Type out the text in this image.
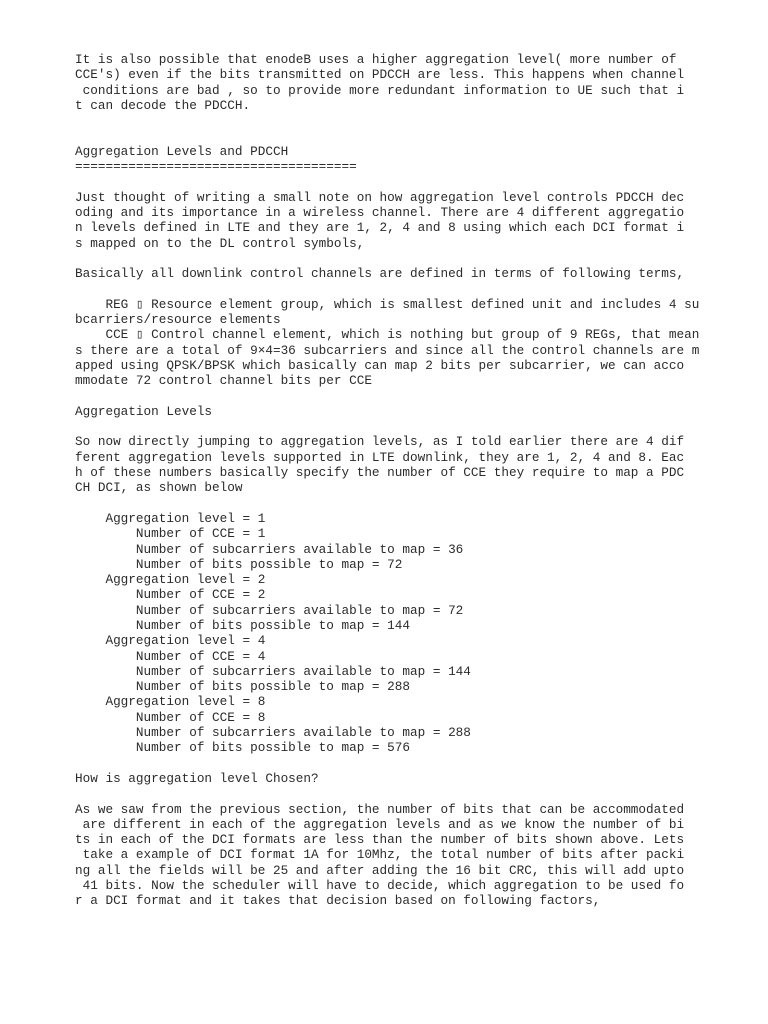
It is also possible that enodeB uses a higher aggregation level( more number of
CCE's) even if the bits transmitted on PDCCH are less. This happens when channel
conditions are bad , so to provide more redundant information to UE such that i
t can decode the PDCCH.
Aggregation Levels and PDCCH
=====================================
Just thought of writing a small note on how aggregation level controls PDCCH dec
oding and its importance in a wireless channel. There are 4 different aggregatio
n levels defined in LTE and they are 1, 2, 4 and 8 using which each DCI format i
s mapped on to the DL control symbols,
Basically all downlink control channels are defined in terms of following terms,
REG ▯ Resource element group, which is smallest defined unit and includes 4 su
bcarriers/resource elements
CCE ▯ Control channel element, which is nothing but group of 9 REGs, that mean
s there are a total of 9×4=36 subcarriers and since all the control channels are m
apped using QPSK/BPSK which basically can map 2 bits per subcarrier, we can acco
mmodate 72 control channel bits per CCE
Aggregation Levels
So now directly jumping to aggregation levels, as I told earlier there are 4 dif
ferent aggregation levels supported in LTE downlink, they are 1, 2, 4 and 8. Eac
h of these numbers basically specify the number of CCE they require to map a PDC
CH DCI, as shown below
Aggregation level = 1
Number of CCE = 1
Number of subcarriers available to map = 36
Number of bits possible to map = 72
Aggregation level = 2
Number of CCE = 2
Number of subcarriers available to map = 72
Number of bits possible to map = 144
Aggregation level = 4
Number of CCE = 4
Number of subcarriers available to map = 144
Number of bits possible to map = 288
Aggregation level = 8
Number of CCE = 8
Number of subcarriers available to map = 288
Number of bits possible to map = 576
How is aggregation level Chosen?
As we saw from the previous section, the number of bits that can be accommodated
are different in each of the aggregation levels and as we know the number of bi
ts in each of the DCI formats are less than the number of bits shown above. Lets
take a example of DCI format 1A for 10Mhz, the total number of bits after packi
ng all the fields will be 25 and after adding the 16 bit CRC, this will add upto
41 bits. Now the scheduler will have to decide, which aggregation to be used fo
r a DCI format and it takes that decision based on following factors,
